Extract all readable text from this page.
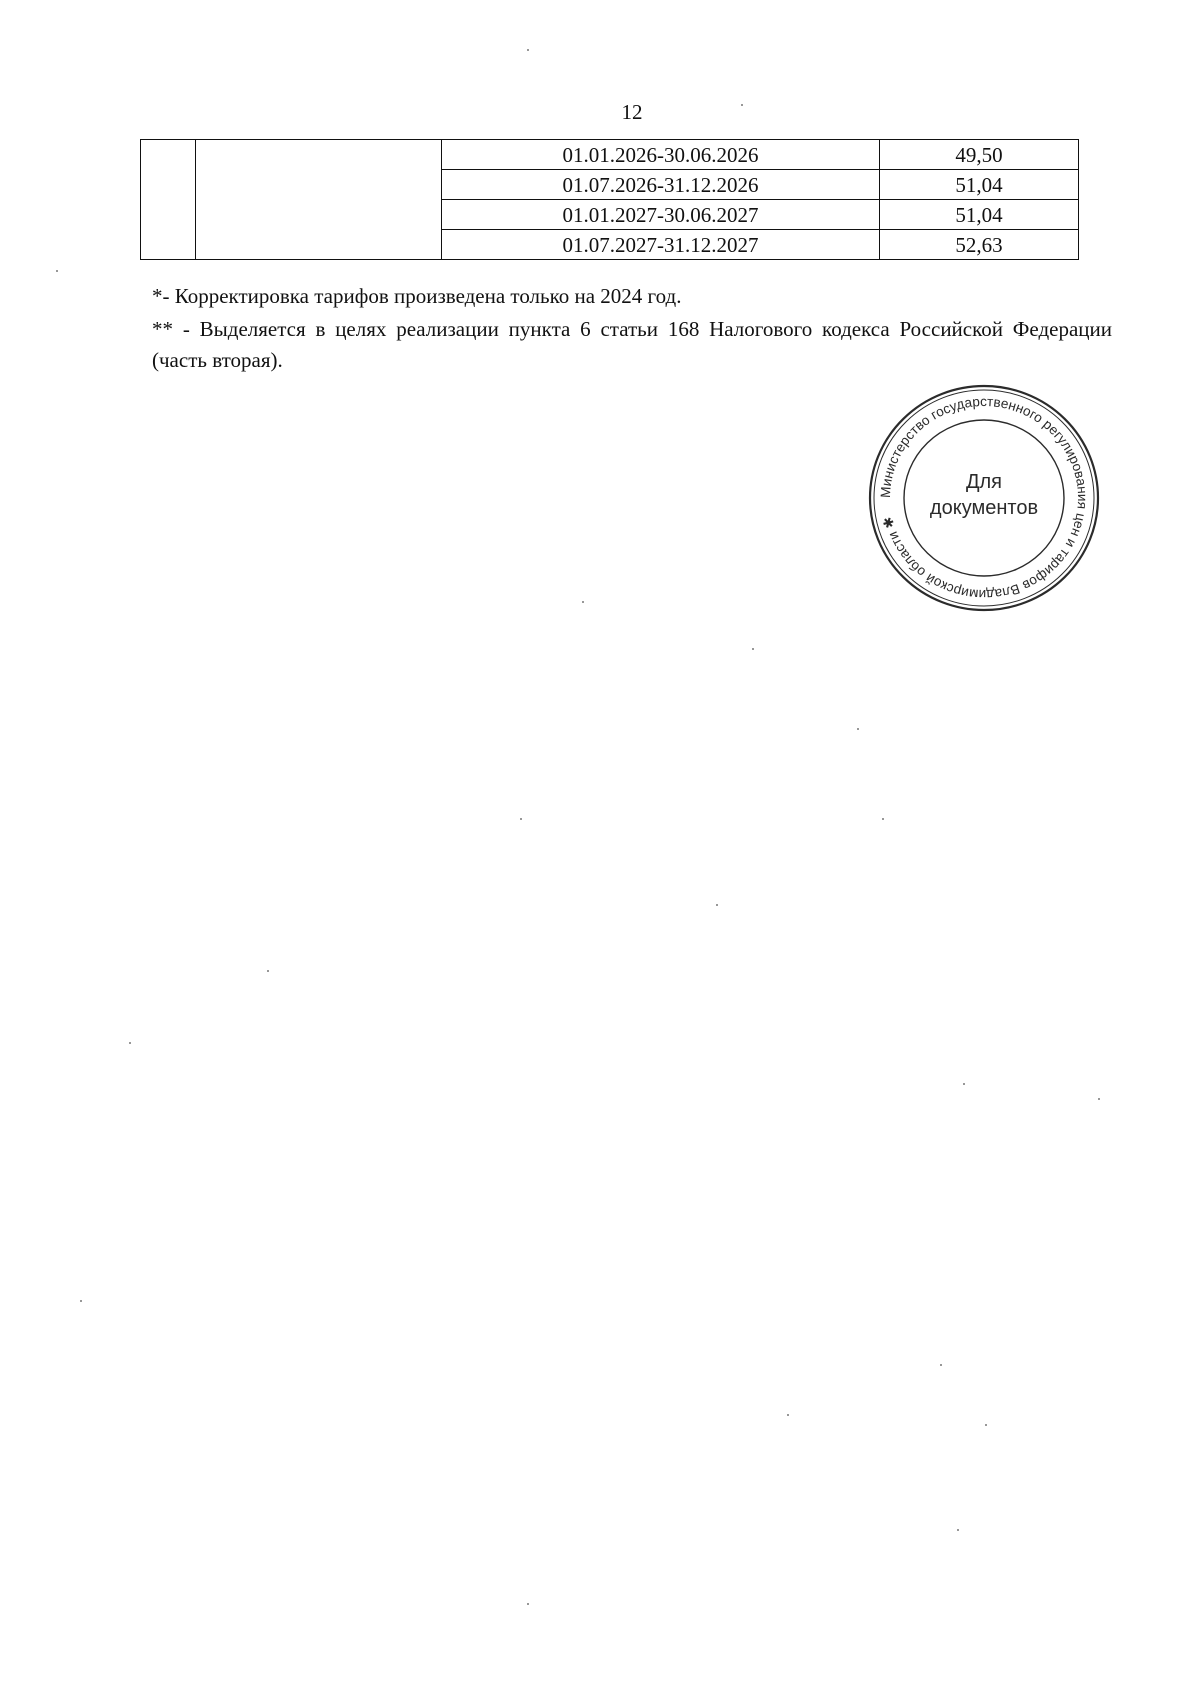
12
		01.01.2026-30.06.2026	49,50
		01.07.2026-31.12.2026	51,04
		01.01.2027-30.06.2027	51,04
		01.07.2027-31.12.2027	52,63

*- Корректировка тарифов произведена только на 2024 год.

** - Выделяется в целях реализации пункта 6 статьи 168 Налогового кодекса Российской Федерации (часть вторая).

Министерство государственного регулирования цен и тарифов Владимирской области ✱
Для
документов
